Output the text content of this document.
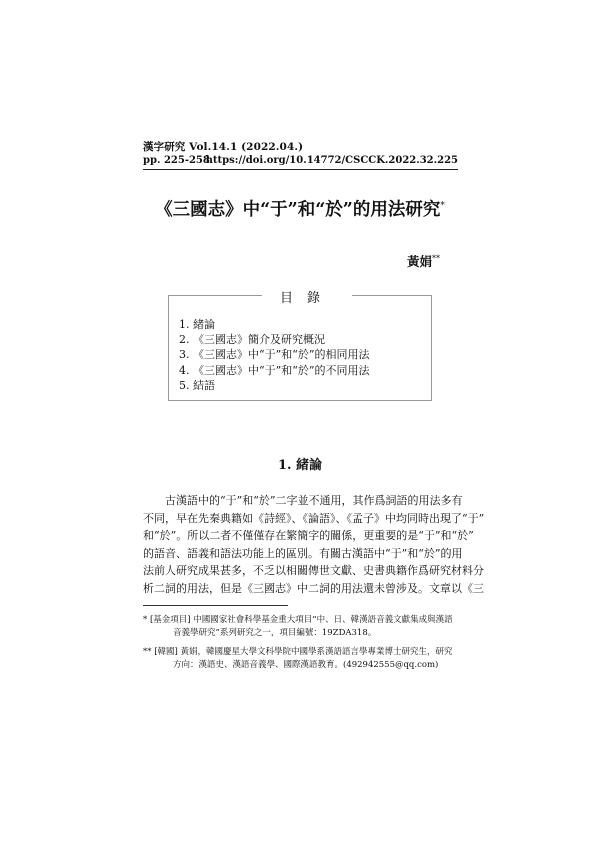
漢字研究 Vol.14.1 (2022.04.)
pp. 225-258
https://doi.org/10.14772/CSCCK.2022.32.225
《三國志》中“于”和“於”的用法研究*
黃娟**
目錄
1. 緒論
2. 《三國志》簡介及研究概況
3. 《三國志》中“于”和“於”的相同用法
4. 《三國志》中“于”和“於”的不同用法
5. 結語
1. 緒論
　　古漢語中的“于”和“於”二字並不通用，其作爲詞語的用法多有
不同，早在先秦典籍如《詩經》、《論語》、《孟子》中均同時出現了“于”
和“於”。所以二者不僅僅存在繁簡字的關係，更重要的是“于”和“於”
的語音、語義和語法功能上的區別。有關古漢語中“于”和“於”的用
法前人研究成果甚多，不乏以相關傳世文獻、史書典籍作爲研究材料分
析二詞的用法，但是《三國志》中二詞的用法還未曾涉及。文章以《三
* [基金項目] 中國國家社會科學基金重大項目“中、日、韓漢語音義文獻集成與漢語
音義學研究”系列研究之一，項目編號：19ZDA318。
** [韓國] 黃娟，韓國慶星大學文科學院中國學系漢語語言學專業博士研究生，研究
方向：漢語史、漢語音義學、國際漢語教育。(492942555@qq.com)
